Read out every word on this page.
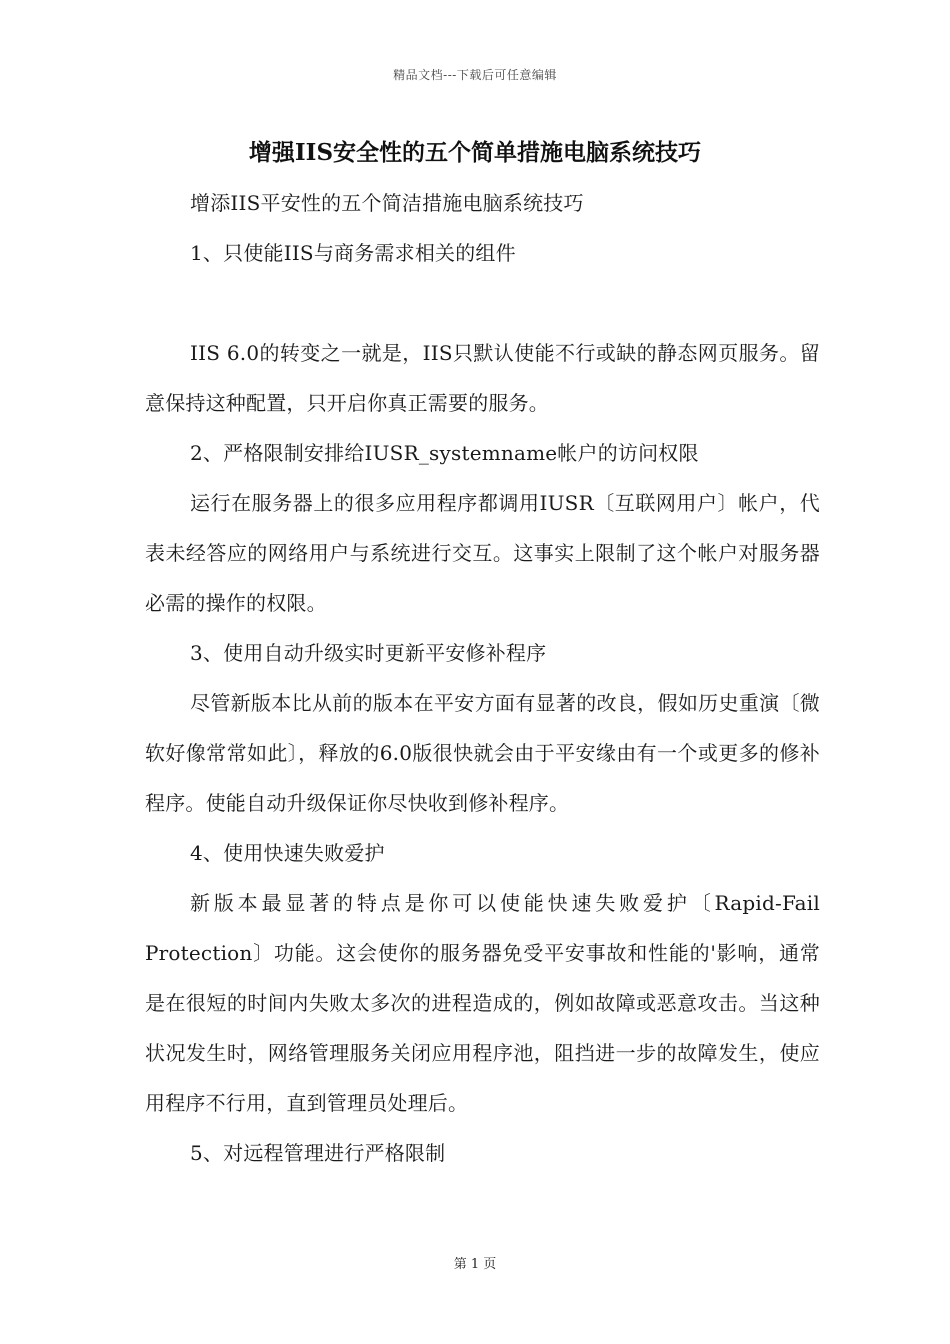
精品文档---下载后可任意编辑
增强IIS安全性的五个简单措施电脑系统技巧

增添IIS平安性的五个简洁措施电脑系统技巧

1、只使能IIS与商务需求相关的组件

IIS 6.0的转变之一就是，IIS只默认使能不行或缺的静态网页服务。留意保持这种配置，只开启你真正需要的服务。

2、严格限制安排给IUSR_systemname帐户的访问权限

运行在服务器上的很多应用程序都调用IUSR〔互联网用户〕帐户，代表未经答应的网络用户与系统进行交互。这事实上限制了这个帐户对服务器必需的操作的权限。

3、使用自动升级实时更新平安修补程序

尽管新版本比从前的版本在平安方面有显著的改良，假如历史重演〔微软好像常常如此〕，释放的6.0版很快就会由于平安缘由有一个或更多的修补程序。使能自动升级保证你尽快收到修补程序。

4、使用快速失败爱护

新版本最显著的特点是你可以使能快速失败爱护〔Rapid-Fail Protection〕功能。这会使你的服务器免受平安事故和性能的'影响，通常是在很短的时间内失败太多次的进程造成的，例如故障或恶意攻击。当这种状况发生时，网络管理服务关闭应用程序池，阻挡进一步的故障发生，使应用程序不行用，直到管理员处理后。

5、对远程管理进行严格限制

第 1 页
